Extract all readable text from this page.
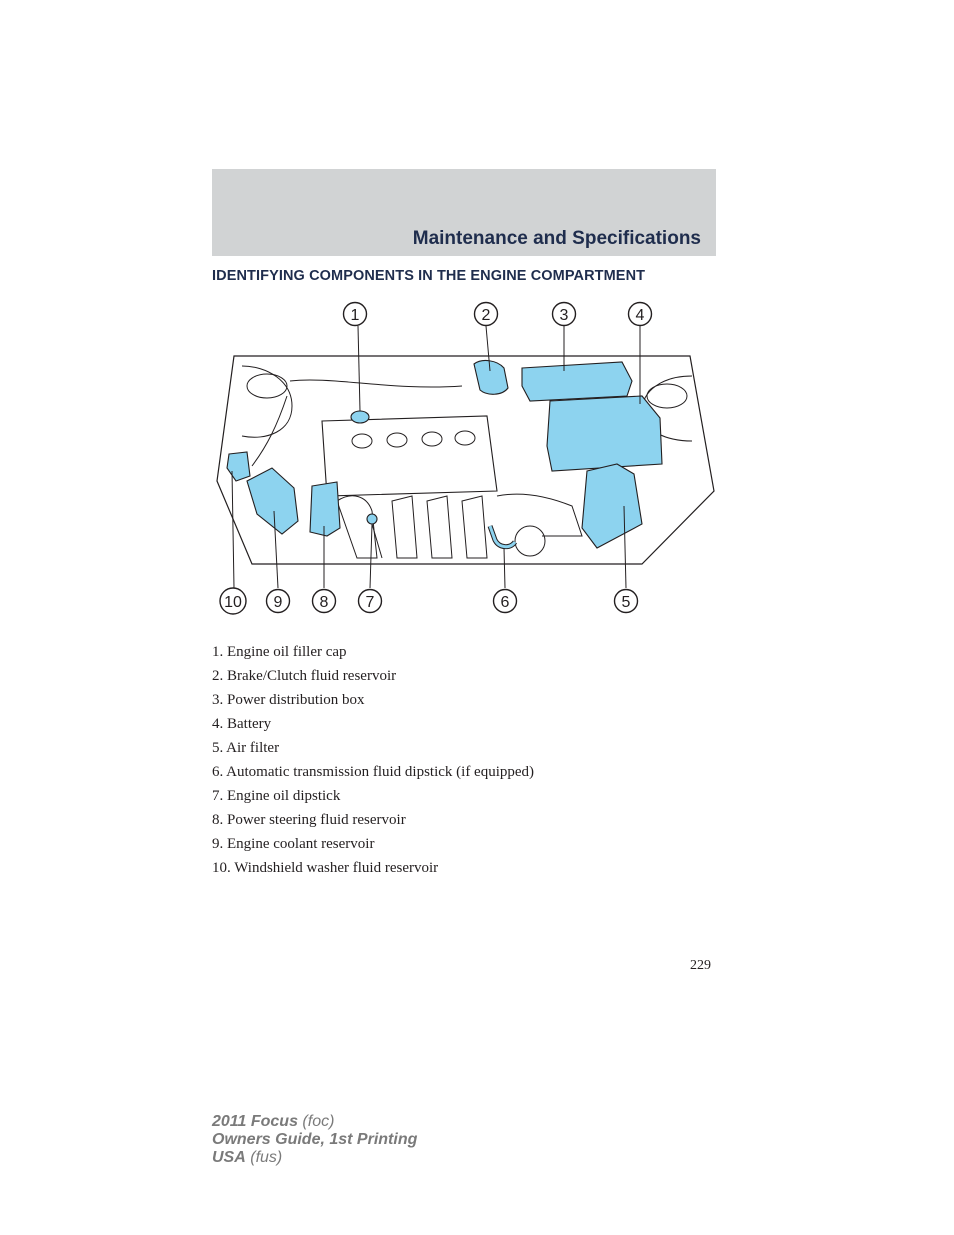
Maintenance and Specifications
IDENTIFYING COMPONENTS IN THE ENGINE COMPARTMENT
1	2	3	4
10 9 8 7	6	5
1. Engine oil filler cap
2. Brake/Clutch fluid reservoir
3. Power distribution box
4. Battery
5. Air filter
6. Automatic transmission fluid dipstick (if equipped)
7. Engine oil dipstick
8. Power steering fluid reservoir
9. Engine coolant reservoir
10. Windshield washer fluid reservoir
229
2011 Focus (foc)
Owners Guide, 1st Printing
USA (fus)
